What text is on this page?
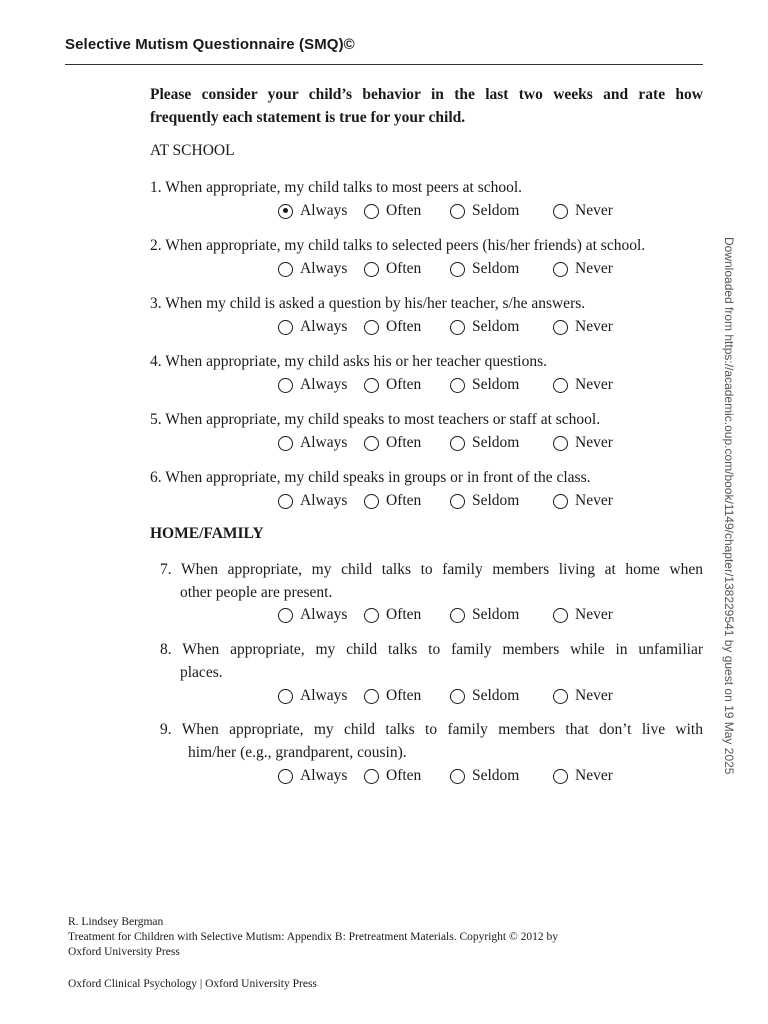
Selective Mutism Questionnaire (SMQ)©
Please consider your child’s behavior in the last two weeks and rate how
frequently each statement is true for your child.
AT SCHOOL
HOME/FAMILY
1. When appropriate, my child talks to most peers at school.
Always Often	Seldom	Never
2. When appropriate, my child talks to selected peers (his/her friends) at school.
Always Often	Seldom	Never
3. When my child is asked a question by his/her teacher, s/he answers.
Always Often	Seldom	Never
4. When appropriate, my child asks his or her teacher questions.
Always Often	Seldom	Never
5. When appropriate, my child speaks to most teachers or staff at school.
Always Often	Seldom	Never
6. When appropriate, my child speaks in groups or in front of the class.
Always Often	Seldom	Never
7. When appropriate, my child talks to family members living at home when
other people are present.
Always Often	Seldom	Never
8. When appropriate, my child talks to family members while in unfamiliar
places.
Always Often	Seldom	Never
9. When appropriate, my child talks to family members that don’t live with
him/her (e.g., grandparent, cousin).
Always Often	Seldom	Never
Downloaded from https://academic.oup.com/book/1149/chapter/138229541 by guest on 19 May 2025
R. Lindsey Bergman
Treatment for Children with Selective Mutism: Appendix B: Pretreatment Materials. Copyright © 2012 by
Oxford University Press
Oxford Clinical Psychology | Oxford University Press
